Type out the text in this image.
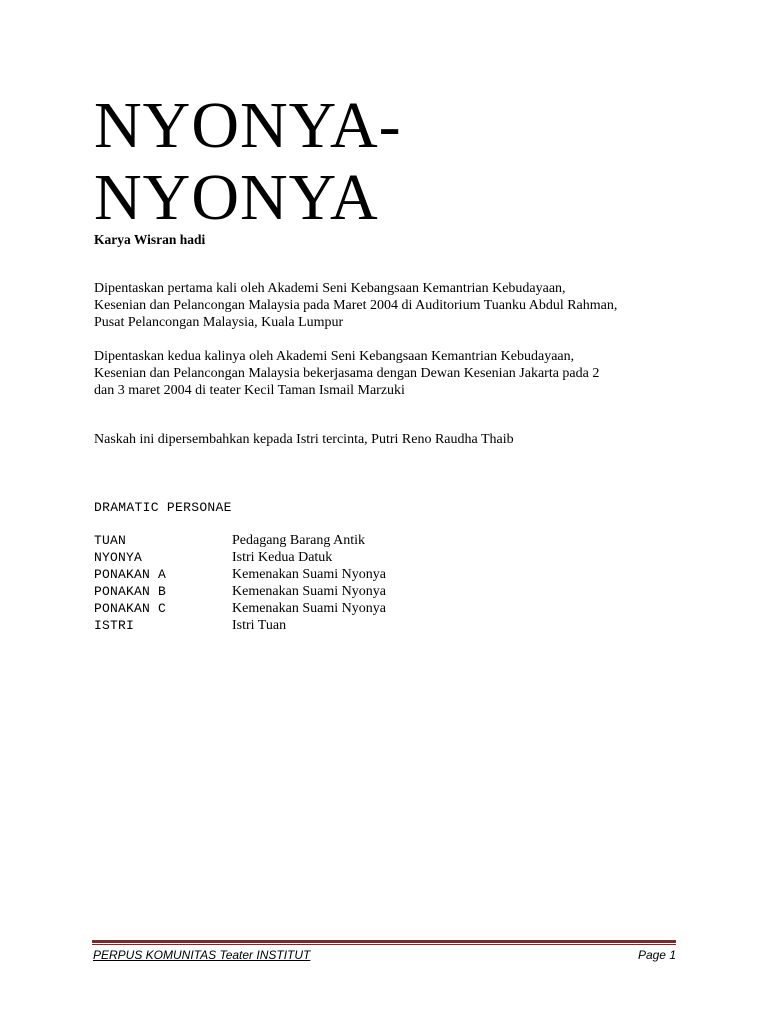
NYONYA-
NYONYA
Karya Wisran hadi
Dipentaskan pertama kali oleh Akademi Seni Kebangsaan Kemantrian Kebudayaan,
Kesenian dan Pelancongan Malaysia pada Maret 2004 di Auditorium Tuanku Abdul Rahman,
Pusat Pelancongan Malaysia, Kuala Lumpur
Dipentaskan kedua kalinya oleh Akademi Seni Kebangsaan Kemantrian Kebudayaan,
Kesenian dan Pelancongan Malaysia bekerjasama dengan Dewan Kesenian Jakarta pada 2
dan 3 maret 2004 di teater Kecil Taman Ismail Marzuki
Naskah ini dipersembahkan kepada Istri tercinta, Putri Reno Raudha Thaib
DRAMATIC PERSONAE
TUAN	Pedagang Barang Antik
NYONYA	Istri Kedua Datuk
PONAKAN A	Kemenakan Suami Nyonya
PONAKAN B	Kemenakan Suami Nyonya
PONAKAN C	Kemenakan Suami Nyonya
ISTRI	Istri Tuan
PERPUS KOMUNITAS Teater INSTITUT	Page 1
